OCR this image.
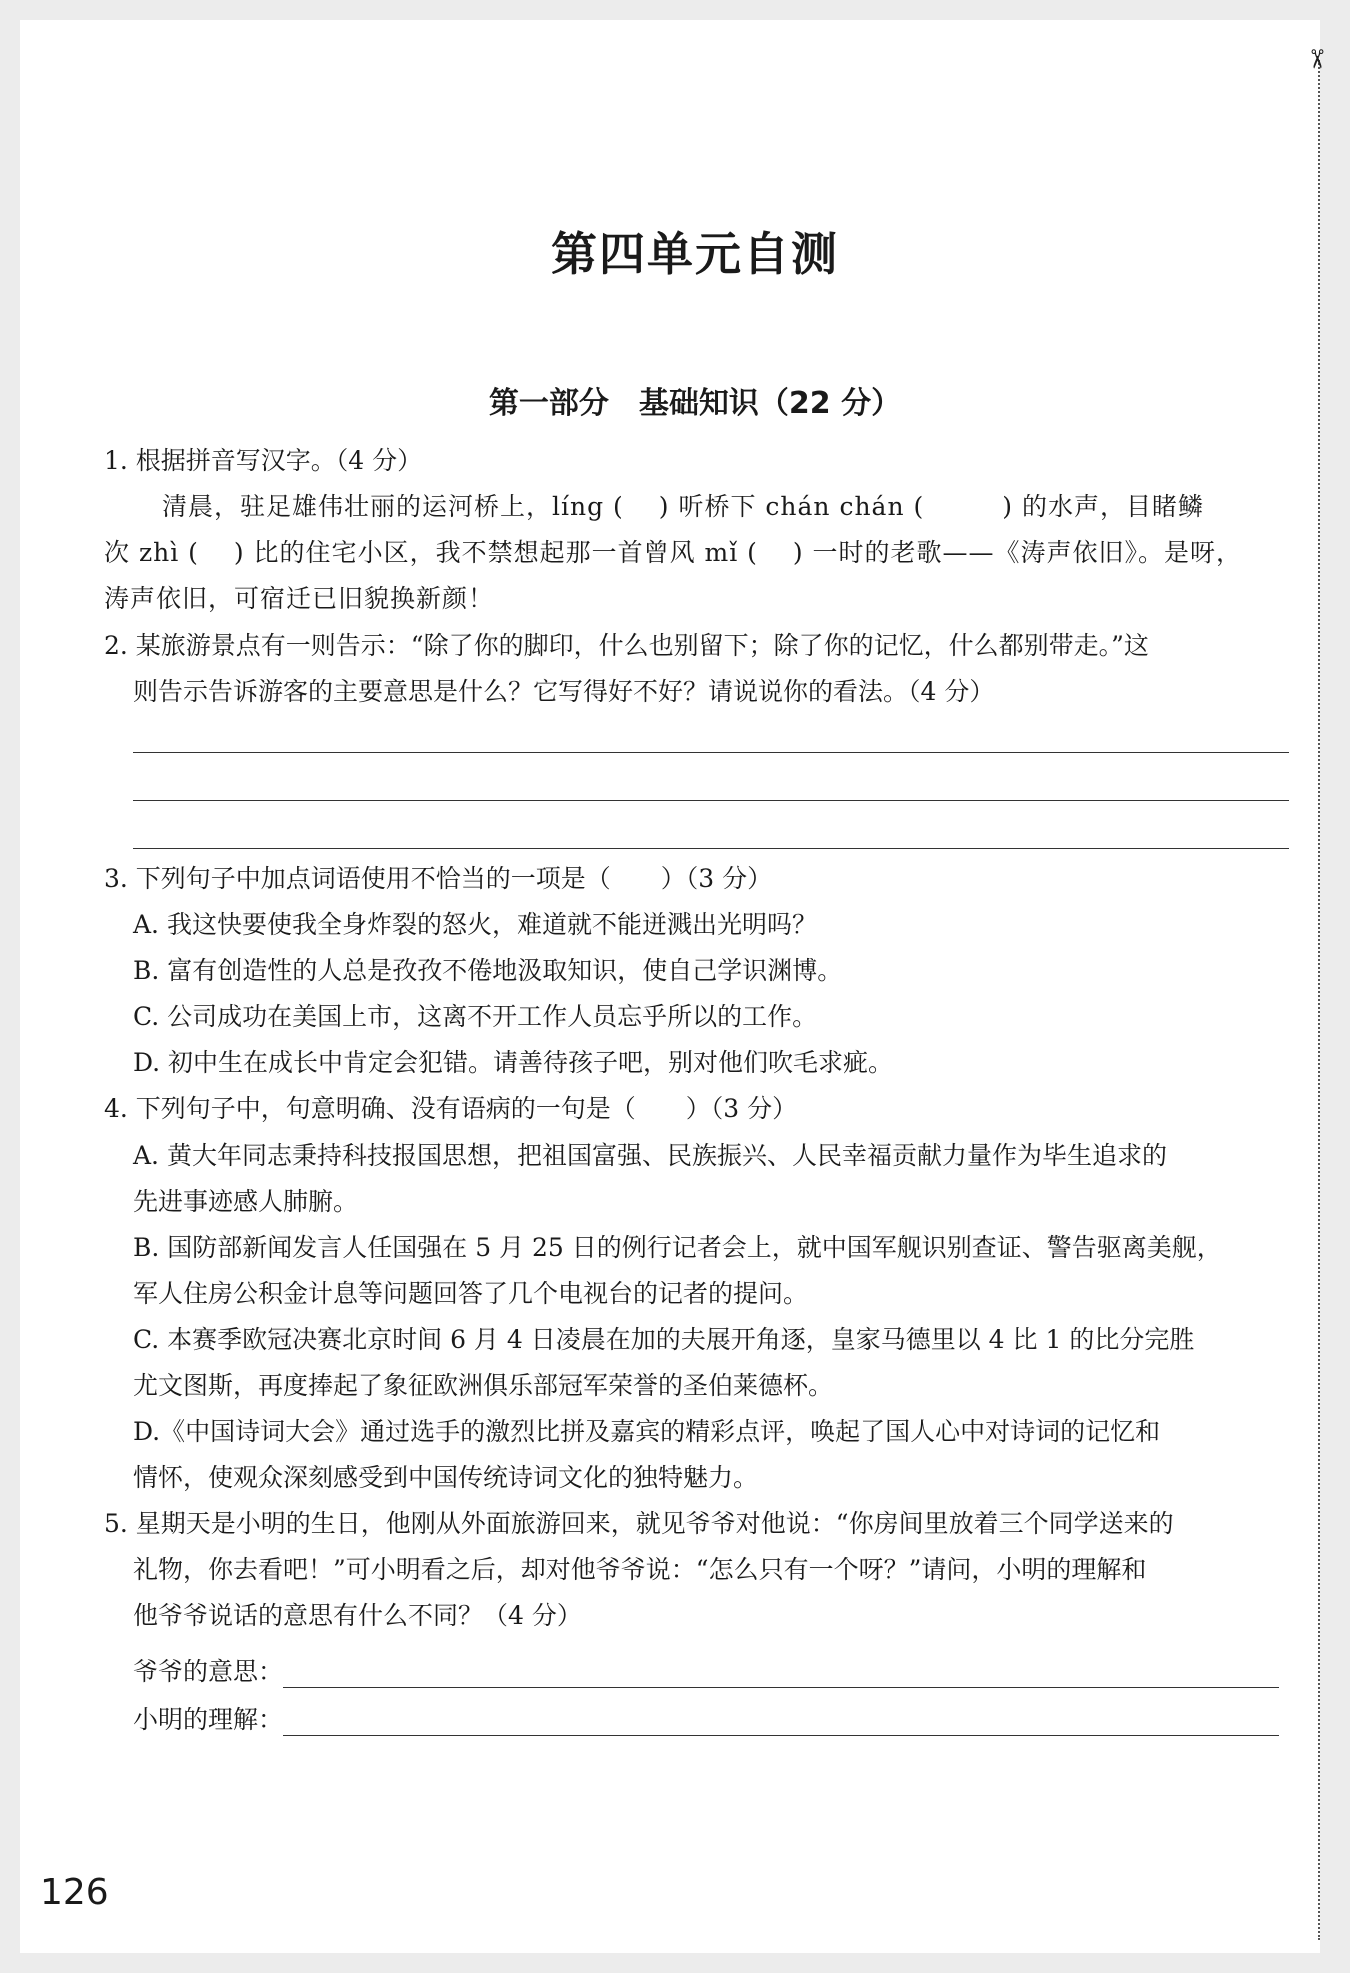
✂
第四单元自测
第一部分　基础知识（22 分）
1. 根据拼音写汉字。（4 分）
清晨，驻足雄伟壮丽的运河桥上，líng (　 ) 听桥下 chán chán (　　　) 的水声，目睹鳞
次 zhì (　 ) 比的住宅小区，我不禁想起那一首曾风 mǐ (　 ) 一时的老歌——《涛声依旧》。是呀，
涛声依旧，可宿迁已旧貌换新颜！
2. 某旅游景点有一则告示：“除了你的脚印，什么也别留下；除了你的记忆，什么都别带走。”这
则告示告诉游客的主要意思是什么？它写得好不好？请说说你的看法。（4 分）
3. 下列句子中加点词语使用不恰当的一项是（　　）（3 分）
A. 我这快要使我全身炸裂的怒火，难道就不能迸溅出光明吗？
B. 富有创造性的人总是孜孜不倦地汲取知识，使自己学识渊博。
C. 公司成功在美国上市，这离不开工作人员忘乎所以的工作。
D. 初中生在成长中肯定会犯错。请善待孩子吧，别对他们吹毛求疵。
4. 下列句子中，句意明确、没有语病的一句是（　　）（3 分）
A. 黄大年同志秉持科技报国思想，把祖国富强、民族振兴、人民幸福贡献力量作为毕生追求的
先进事迹感人肺腑。
B. 国防部新闻发言人任国强在 5 月 25 日的例行记者会上，就中国军舰识别查证、警告驱离美舰，
军人住房公积金计息等问题回答了几个电视台的记者的提问。
C. 本赛季欧冠决赛北京时间 6 月 4 日凌晨在加的夫展开角逐，皇家马德里以 4 比 1 的比分完胜
尤文图斯，再度捧起了象征欧洲俱乐部冠军荣誉的圣伯莱德杯。
D.《中国诗词大会》通过选手的激烈比拼及嘉宾的精彩点评，唤起了国人心中对诗词的记忆和
情怀，使观众深刻感受到中国传统诗词文化的独特魅力。
5. 星期天是小明的生日，他刚从外面旅游回来，就见爷爷对他说：“你房间里放着三个同学送来的
礼物，你去看吧！”可小明看之后，却对他爷爷说：“怎么只有一个呀？”请问，小明的理解和
他爷爷说话的意思有什么不同？（4 分）
爷爷的意思：
小明的理解：
126
